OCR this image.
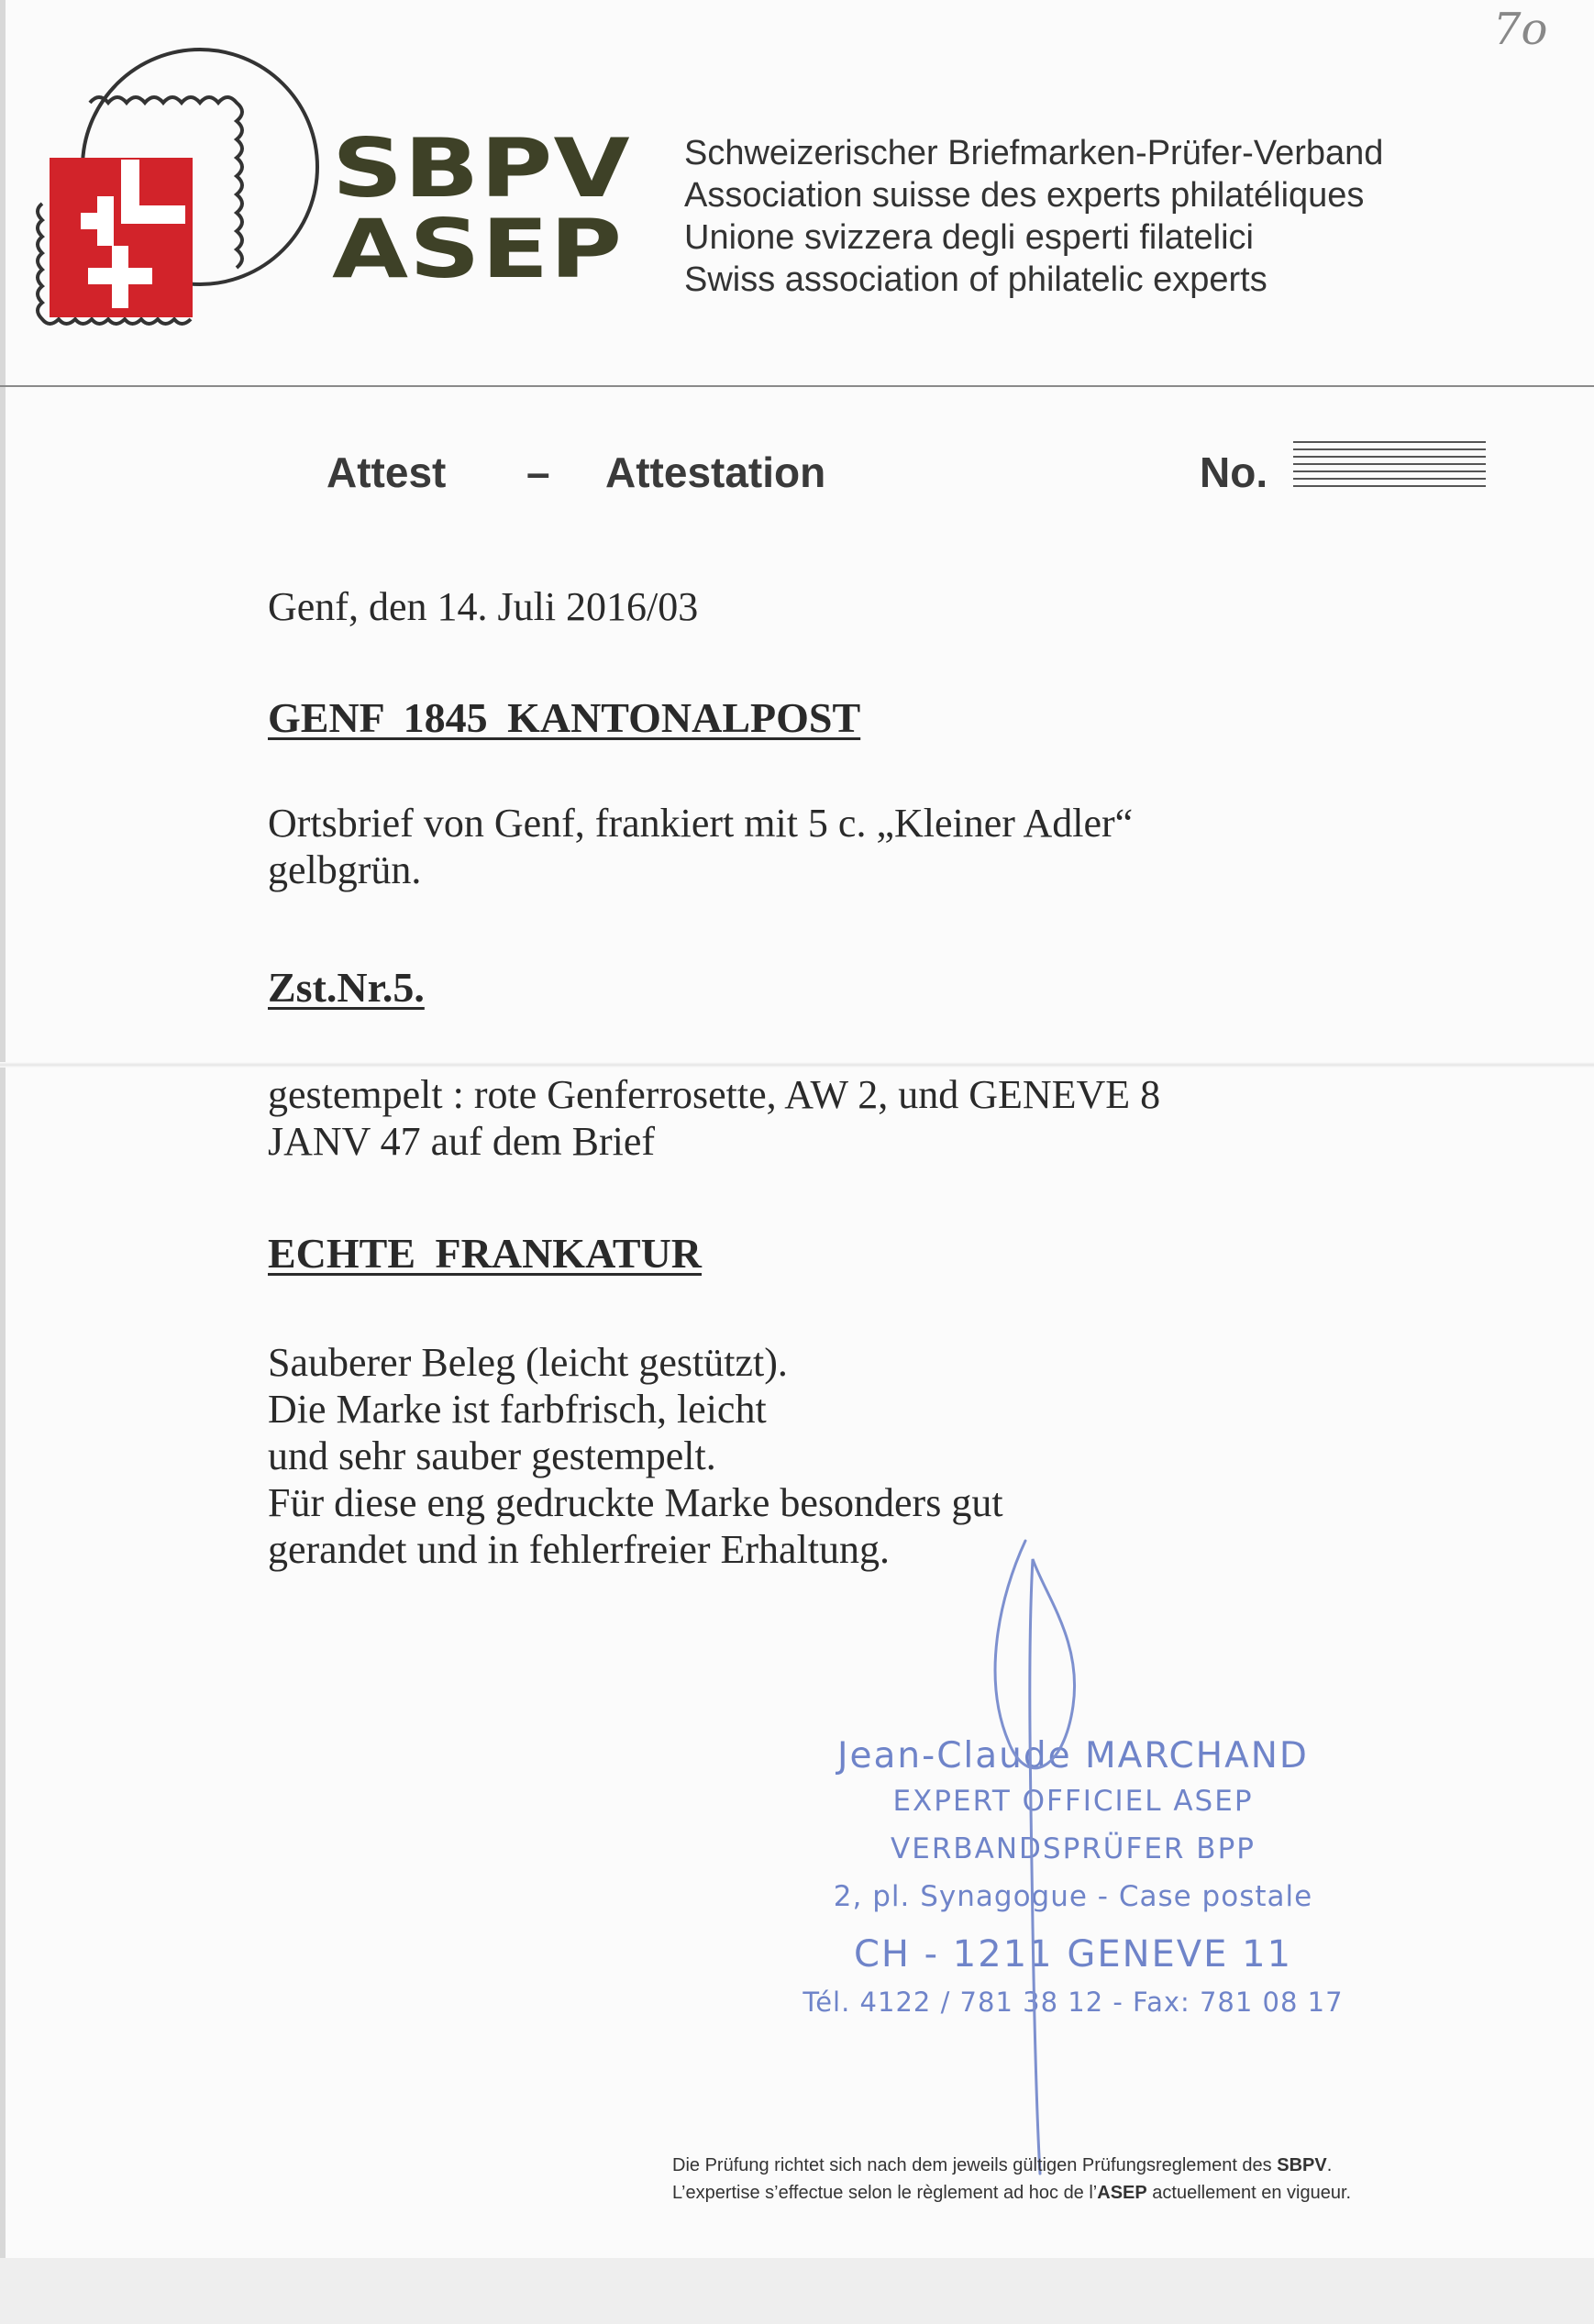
7o
SBPV
ASEP
Schweizerischer Briefmarken-Prüfer-Verband
Association suisse des experts philatéliques
Unione svizzera degli esperti filatelici
Swiss association of philatelic experts
Attest – Attestation	No.
Genf, den 14. Juli 2016/03
GENF 1845 KANTONALPOST
Ortsbrief von Genf, frankiert mit 5 c. „Kleiner Adler“
gelbgrün.
Zst.Nr.5.
gestempelt : rote Genferrosette, AW 2, und GENEVE 8
JANV 47 auf dem Brief
ECHTE FRANKATUR
Sauberer Beleg (leicht gestützt).
Die Marke ist farbfrisch, leicht
und sehr sauber gestempelt.
Für diese eng gedruckte Marke besonders gut
gerandet und in fehlerfreier Erhaltung.
Jean-Claude MARCHAND
EXPERT OFFICIEL ASEP
VERBANDSPRÜFER BPP
2, pl. Synagogue - Case postale
CH - 1211 GENEVE 11
Tél. 4122 / 781 38 12 - Fax: 781 08 17
Die Prüfung richtet sich nach dem jeweils gültigen Prüfungsreglement des SBPV.
L’expertise s’effectue selon le règlement ad hoc de l’ASEP actuellement en vigueur.
